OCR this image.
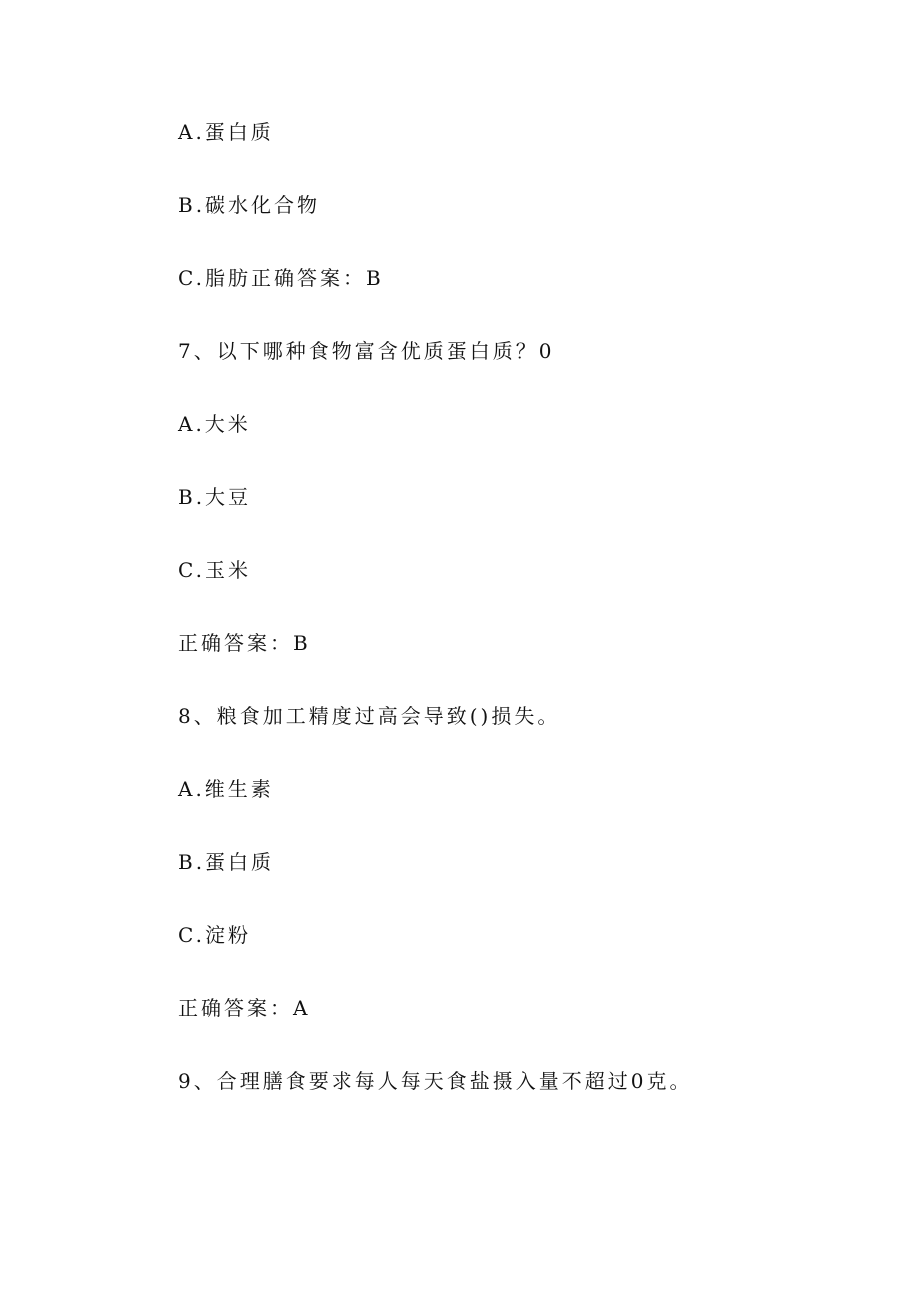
A.蛋白质
B.碳水化合物
C.脂肪正确答案：B
7、以下哪种食物富含优质蛋白质？0
A.大米
B.大豆
C.玉米
正确答案：B
8、粮食加工精度过高会导致()损失。
A.维生素
B.蛋白质
C.淀粉
正确答案：A
9、合理膳食要求每人每天食盐摄入量不超过0克。
